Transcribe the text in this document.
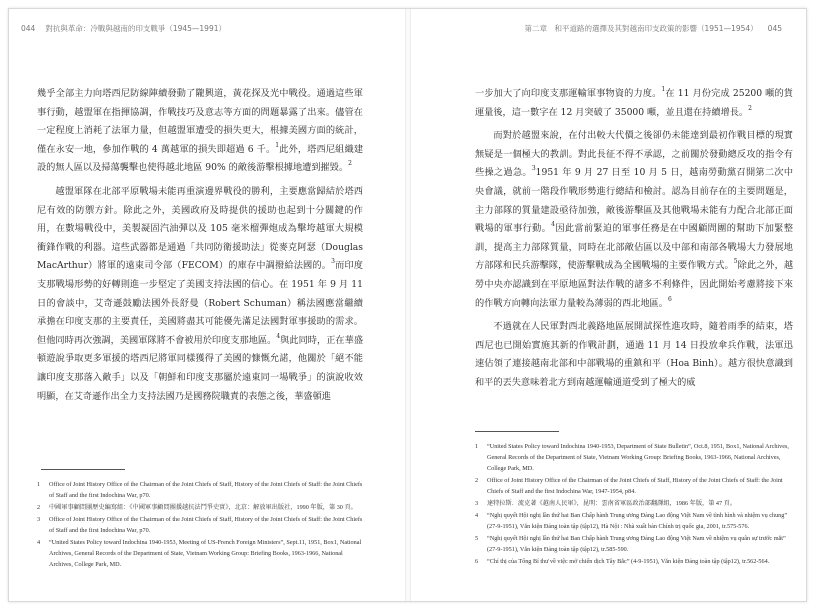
044 對抗與革命：冷戰與越南的印支戰爭（1945—1991）

幾乎全部主力向塔西尼防線陣續發動了隴興道，黃花探及光中戰役。通過這些軍事行動，越盟軍在指揮協調，作戰技巧及意志等方面的問題暴露了出來。儘管在一定程度上消耗了法軍力量，但越盟軍遭受的損失更大，根據美國方面的統計，僅在永安一地，參加作戰的 4 萬越軍的損失即超過 6 千。$^1$此外，塔西尼組織建設的無人區以及掃蕩襲擊也使得越北地區 90% 的敵後游擊根據地遭到摧毀。$^2$

越盟軍隊在北部平原戰場未能再重演邊界戰役的勝利，主要應當歸結於塔西尼有效的防禦方針。除此之外，美國政府及時提供的援助也起到十分關鍵的作用，在數場戰役中，美製凝固汽油彈以及 105 毫米榴彈炮成為擊垮越軍大規模衝鋒作戰的利器。這些武器都是通過「共同防衛援助法」從麥克阿瑟（Douglas MacArthur）將軍的遠東司令部（FECOM）的庫存中調撥給法國的。$^3$而印度支那戰場形勢的好轉則進一步堅定了美國支持法國的信心。在 1951 年 9 月 11 日的會談中，艾奇遜鼓勵法國外長舒曼（Robert Schuman）稱法國應當繼續承擔在印度支那的主要責任，美國將盡其可能優先滿足法國對軍事援助的需求。但他同時再次強調，美國軍隊將不會被用於印度支那地區。$^4$與此同時，正在華盛頓遊說爭取更多軍援的塔西尼將軍同樣獲得了美國的慷慨允諾，他關於「絕不能讓印度支那落入敵手」以及「朝鮮和印度支那屬於遠東同一場戰爭」的演說收效明顯，在艾奇遜作出全力支持法國乃是國務院職責的表態之後，華盛頓進

1 Office of Joint History Office of the Chairman of the Joint Chiefs of Staff, History of the Joint Chiefs of Staff: the Joint Chiefs of Staff and the first Indochina War, p70.
2 中國軍事顧問團歷史編寫組：《中國軍事顧問團援越抗法鬥爭史實》，北京：解放軍出版社，1990 年版，第 30 頁。
3 Office of Joint History Office of the Chairman of the Joint Chiefs of Staff, History of the Joint Chiefs of Staff: the Joint Chiefs of Staff and the first Indochina War, p70.
4 “United States Policy toward Indochina 1940-1953, Meeting of US-French Foreign Ministers”, Sept.11, 1951, Box1, National Archives, General Records of the Department of State, Vietnam Working Group: Briefing Books, 1963-1966, National Archives, College Park, MD.
第二章　和平道路的選擇及其對越南印支政策的影響（1951—1954） 045

一步加大了向印度支那運輸軍事物資的力度。$^1$在 11 月份完成 25200 噸的貨運量後，這一數字在 12 月突破了 35000 噸，並且還在持續增長。$^2$

而對於越盟來說，在付出較大代價之後卻仍未能達到最初作戰目標的現實無疑是一個極大的教訓。對此長征不得不承認，之前關於發動總反攻的指令有些操之過急。$^3$1951 年 9 月 27 日至 10 月 5 日，越南勞動黨召開第二次中央會議，就前一階段作戰形勢進行總結和檢討。認為目前存在的主要問題是，主力部隊的質量建設亟待加強，敵後游擊區及其他戰場未能有力配合北部正面戰場的軍事行動。$^4$因此當前緊迫的軍事任務是在中國顧問團的幫助下加緊整訓，提高主力部隊質量，同時在北部敵佔區以及中部和南部各戰場大力發展地方部隊和民兵游擊隊，使游擊戰成為全國戰場的主要作戰方式。$^5$除此之外，越勞中央亦認識到在平原地區對法作戰的諸多不利條件，因此開始考慮將接下來的作戰方向轉向法軍力量較為薄弱的西北地區。$^6$

不過就在人民軍對西北義路地區展開試探性進攻時，隨着雨季的結束，塔西尼也已開始實施其新的作戰計劃，通過 11 月 14 日投放傘兵作戰，法軍迅速佔領了連接越南北部和中部戰場的重鎮和平（Hoa Binh）。越方很快意識到和平的丟失意味着北方到南越運輸通道受到了極大的威

1 “United States Policy toward Indochina 1940-1953, Department of State Bulletin”, Oct.8, 1951, Box1, National Archives, General Records of the Department of State, Vietnam Working Group: Briefing Books, 1963-1966, National Archives, College Park, MD.
2 Office of Joint History Office of the Chairman of the Joint Chiefs of Staff, History of the Joint Chiefs of Staff: the Joint Chiefs of Staff and the first Indochina War, 1947-1954, p84.
3 達特拉斯．流克著《越南人民軍》，昆明：雲南省軍區政治部翻譯組，1986 年版，第 47 頁。
4 “Nghị quyết Hội nghị lần thứ hai Ban Chấp hành Trung ương Đảng Lao động Việt Nam về tình hình và nhiệm vụ chung” (27-9-1951), Văn kiện Đảng toàn tập (tập12), Hà Nội : Nhà xuất bản Chính trị quốc gia, 2001, tr.575-576.
5 “Nghị quyết Hội nghị lần thứ hai Ban Chấp hành Trung ương Đảng Lao động Việt Nam về nhiệm vụ quân sự trước mắt” (27-9-1951), Văn kiện Đảng toàn tập (tập12), tr.585-590.
6 “Chỉ thị của Tổng Bí thư về việc mở chiến dịch Tây Bắc” (4-9-1951), Văn kiện Đảng toàn tập (tập12), tr.562-564.
